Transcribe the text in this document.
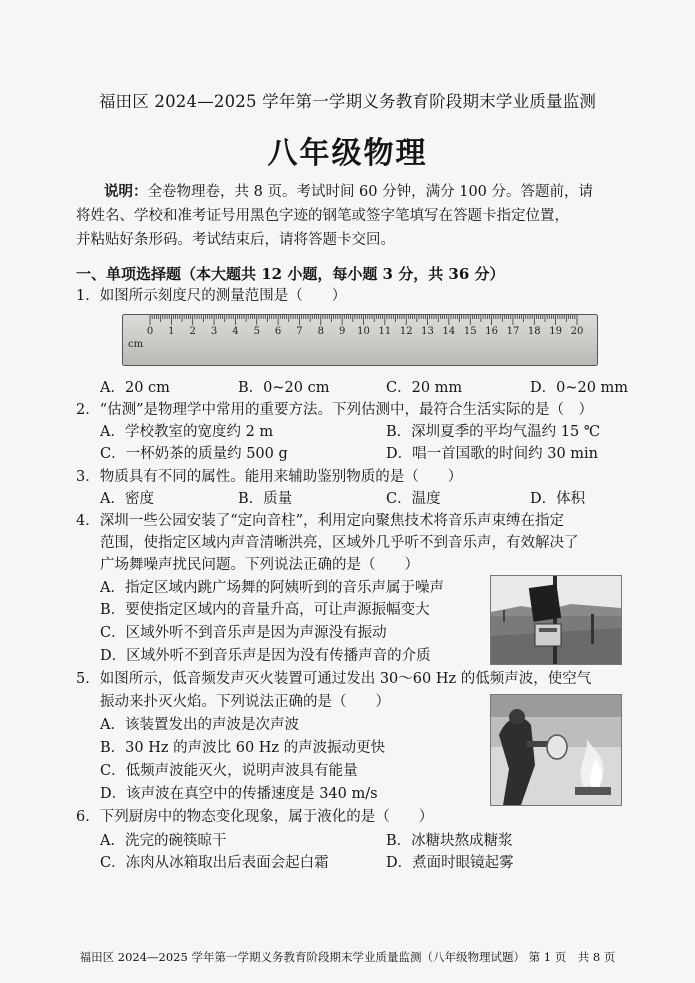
福田区 2024—2025 学年第一学期义务教育阶段期末学业质量监测
八年级物理
说明：全卷物理卷，共 8 页。考试时间 60 分钟，满分 100 分。答题前，请
将姓名、学校和准考证号用黑色字迹的钢笔或签字笔填写在答题卡指定位置，
并粘贴好条形码。考试结束后，请将答题卡交回。
一、单项选择题（本大题共 12 小题，每小题 3 分，共 36 分）
1．如图所示刻度尺的测量范围是（　　）
0 1 2 3 4 5 6 7 8 9 10 11 12 13 14 15 16 17 18 19 20
cm
A．20 cm	B．0~20 cm	C．20 mm	D．0~20 mm
2．“估测”是物理学中常用的重要方法。下列估测中，最符合生活实际的是（　）
A．学校教室的宽度约 2 m	B．深圳夏季的平均气温约 15 ℃
C．一杯奶茶的质量约 500 g	D．唱一首国歌的时间约 30 min
3．物质具有不同的属性。能用来辅助鉴别物质的是（　　）
A．密度	B．质量	C．温度	D．体积
4．深圳一些公园安装了“定向音柱”，利用定向聚焦技术将音乐声束缚在指定
范围，使指定区域内声音清晰洪亮，区域外几乎听不到音乐声，有效解决了
广场舞噪声扰民问题。下列说法正确的是（　　）
A．指定区域内跳广场舞的阿姨听到的音乐声属于噪声
B．要使指定区域内的音量升高，可让声源振幅变大
C．区域外听不到音乐声是因为声源没有振动
D．区域外听不到音乐声是因为没有传播声音的介质
5．如图所示，低音频发声灭火装置可通过发出 30～60 Hz 的低频声波，使空气
振动来扑灭火焰。下列说法正确的是（　　）
A．该装置发出的声波是次声波
B．30 Hz 的声波比 60 Hz 的声波振动更快
C．低频声波能灭火，说明声波具有能量
D．该声波在真空中的传播速度是 340 m/s
6．下列厨房中的物态变化现象，属于液化的是（　　）
A．洗完的碗筷晾干	B．冰糖块熬成糖浆
C．冻肉从冰箱取出后表面会起白霜	D．煮面时眼镜起雾
福田区 2024—2025 学年第一学期义务教育阶段期末学业质量监测（八年级物理试题） 第 1 页　共 8 页
